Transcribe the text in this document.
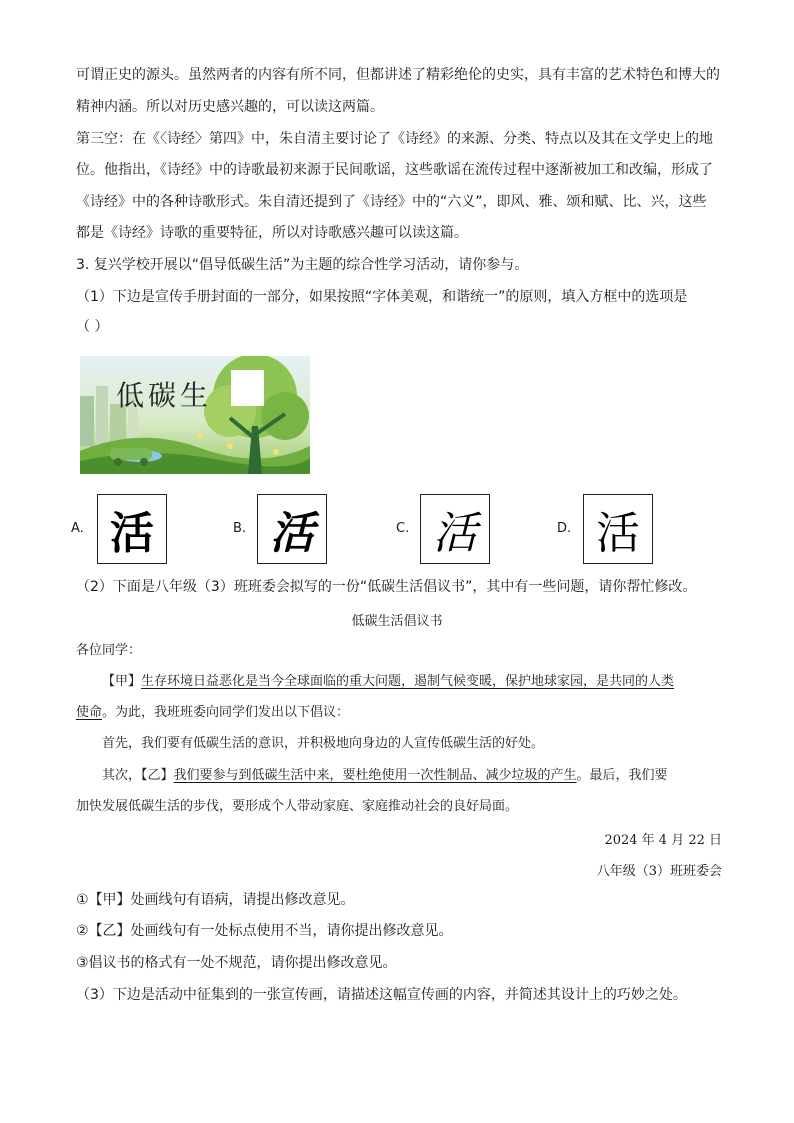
可谓正史的源头。虽然两者的内容有所不同，但都讲述了精彩绝伦的史实，具有丰富的艺术特色和博大的
精神内涵。所以对历史感兴趣的，可以读这两篇。
第三空：在《〈诗经〉第四》中，朱自清主要讨论了《诗经》的来源、分类、特点以及其在文学史上的地
位。他指出，《诗经》中的诗歌最初来源于民间歌谣，这些歌谣在流传过程中逐渐被加工和改编，形成了
《诗经》中的各种诗歌形式。朱自清还提到了《诗经》中的“六义”，即风、雅、颂和赋、比、兴，这些
都是《诗经》诗歌的重要特征，所以对诗歌感兴趣可以读这篇。
3. 复兴学校开展以“倡导低碳生活”为主题的综合性学习活动，请你参与。
（1）下边是宣传手册封面的一部分，如果按照“字体美观，和谐统一”的原则，填入方框中的选项是
（ ）
低碳生
A. 活	B. 活	C. 活	D. 活
（2）下面是八年级（3）班班委会拟写的一份“低碳生活倡议书”，其中有一些问题，请你帮忙修改。
低碳生活倡议书
各位同学：
【甲】生存环境日益恶化是当今全球面临的重大问题，遏制气候变暖，保护地球家园，是共同的人类
使命。为此，我班班委向同学们发出以下倡议：
首先，我们要有低碳生活的意识，并积极地向身边的人宣传低碳生活的好处。
其次，【乙】我们要参与到低碳生活中来，要杜绝使用一次性制品、减少垃圾的产生。最后，我们要
加快发展低碳生活的步伐，要形成个人带动家庭、家庭推动社会的良好局面。
2024 年 4 月 22 日
八年级（3）班班委会
①【甲】处画线句有语病，请提出修改意见。
②【乙】处画线句有一处标点使用不当，请你提出修改意见。
③倡议书的格式有一处不规范，请你提出修改意见。
（3）下边是活动中征集到的一张宣传画，请描述这幅宣传画的内容，并简述其设计上的巧妙之处。
